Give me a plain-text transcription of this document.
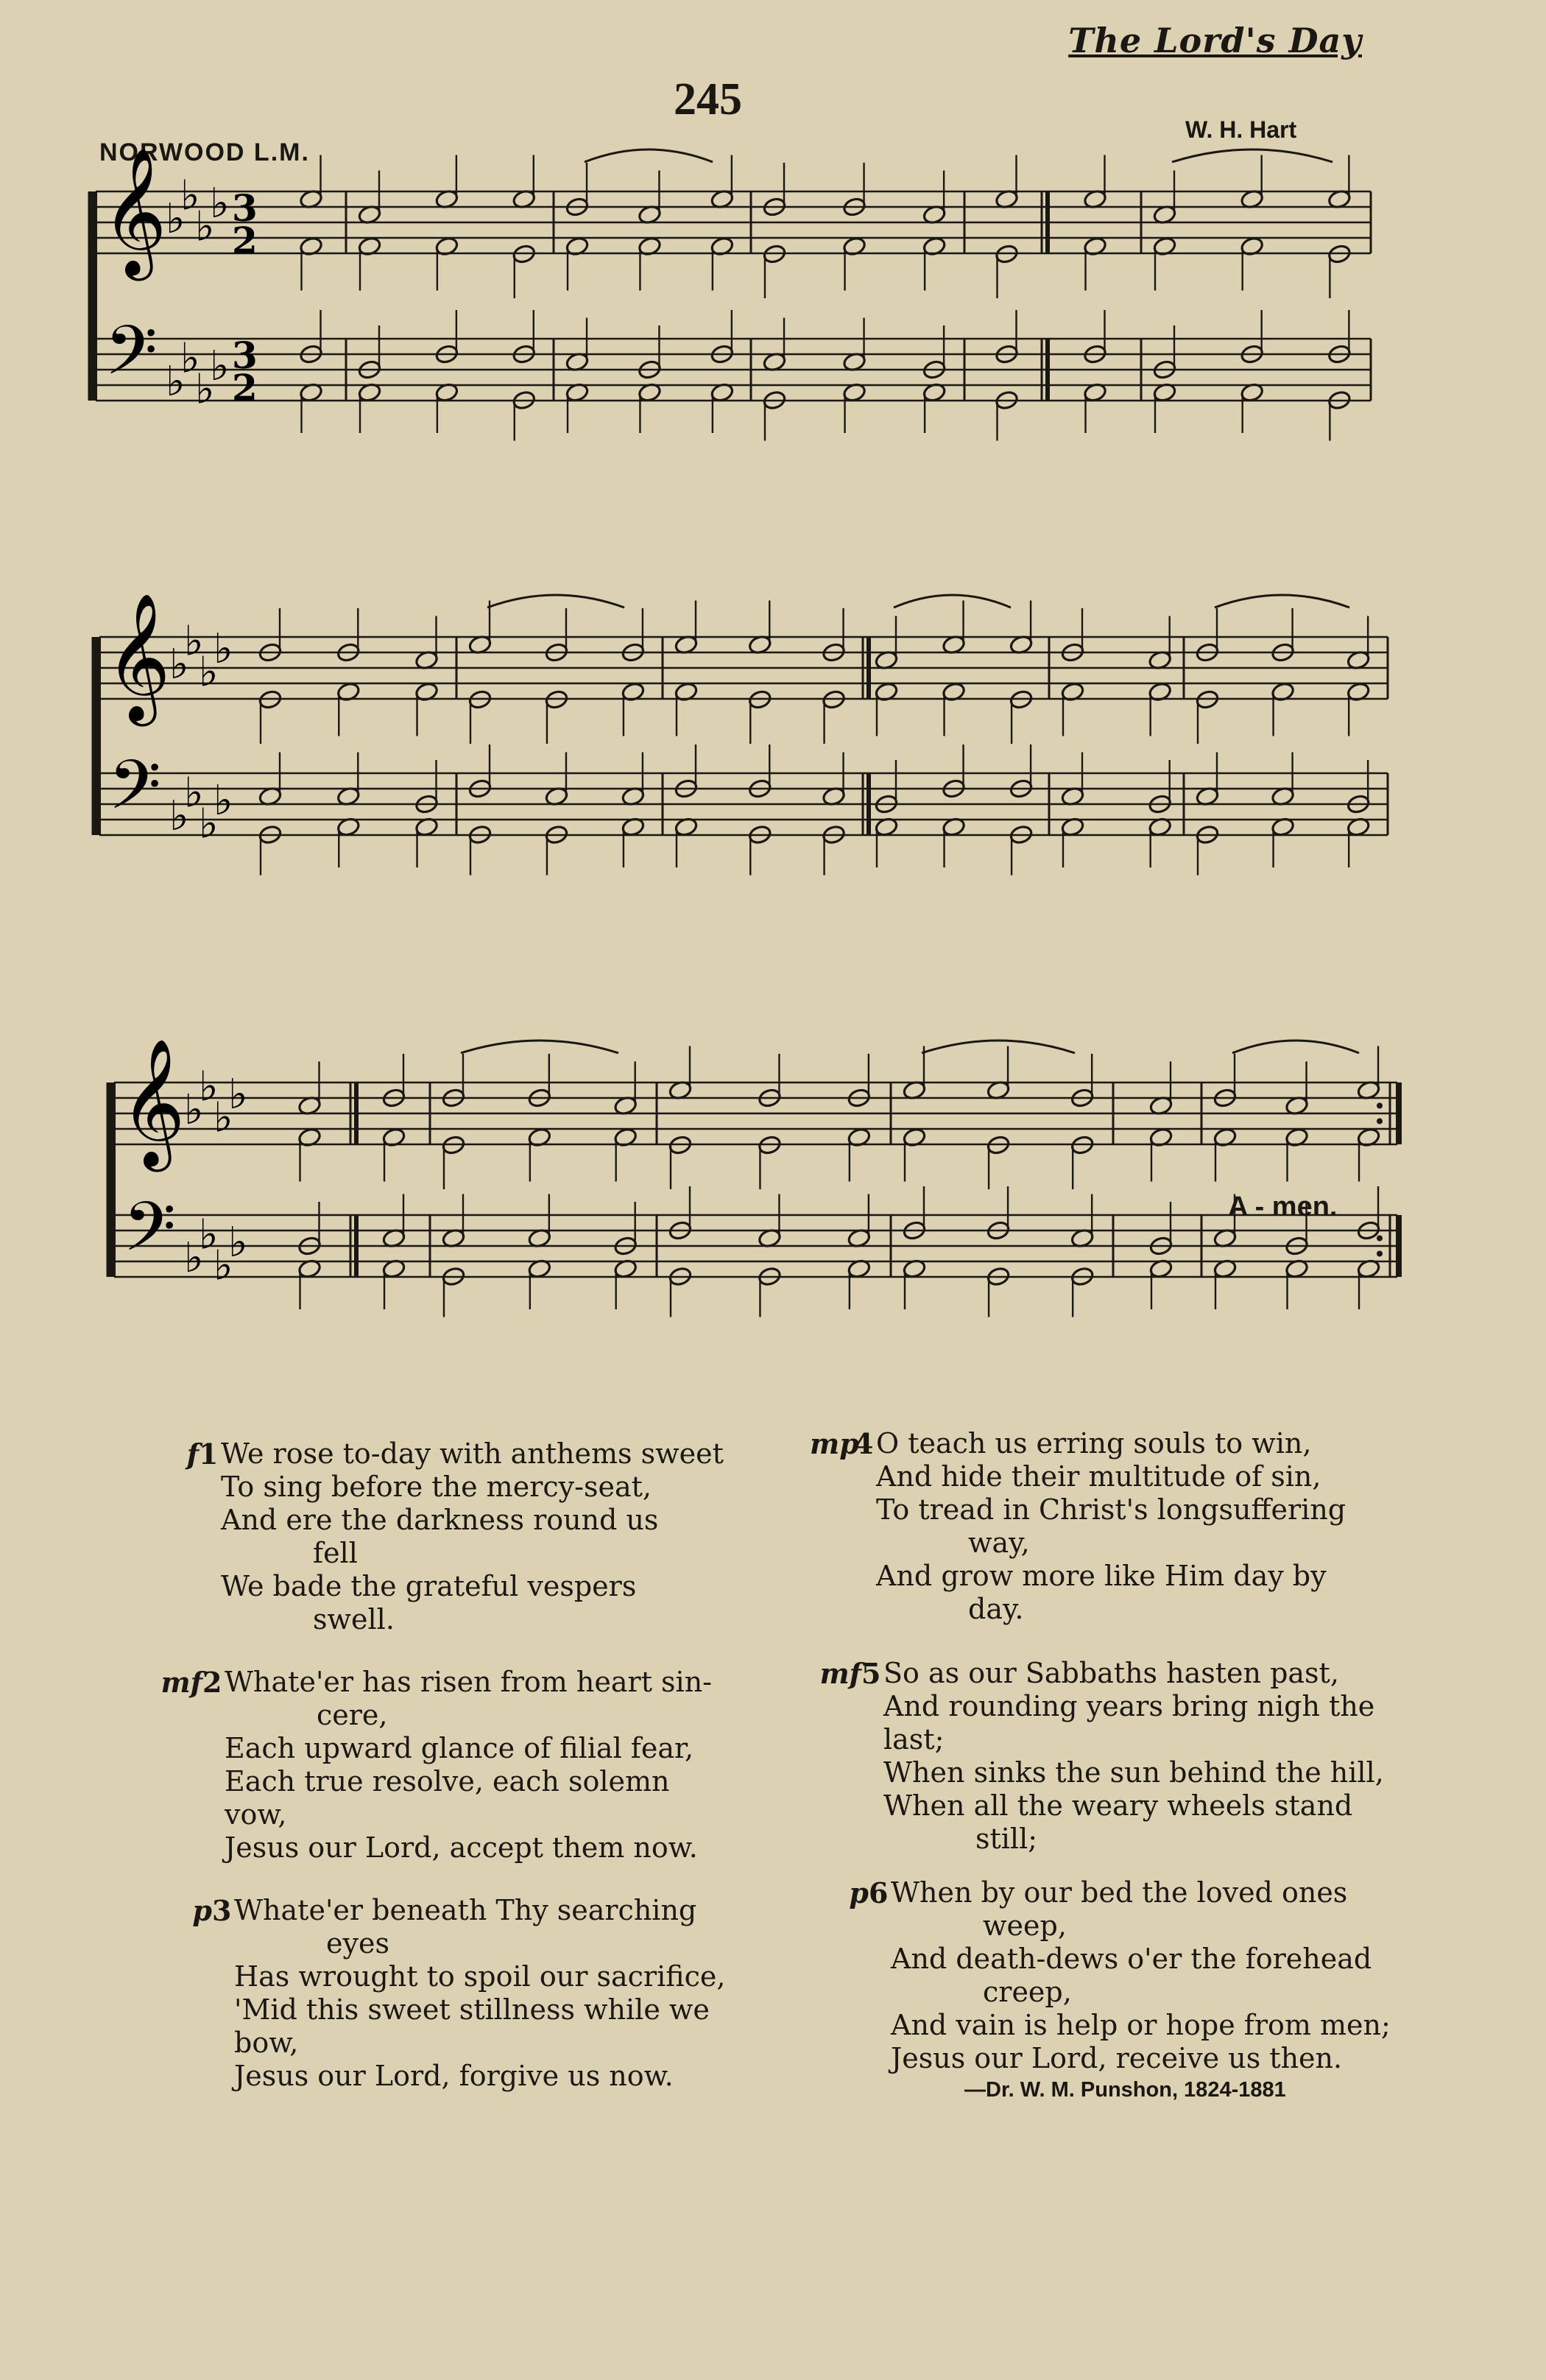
The Lord's Day
245
NORWOOD L.M.
W. H. Hart
𝄞
𝄢
♭
♭
♭
♭
♭
♭
♭
♭
3
2
3
2
𝄞
𝄢
♭
♭
♭
♭
♭
♭
♭
♭
𝄞
𝄢
♭
♭
♭
♭
♭
♭
♭
♭
A - men.
f 1 We rose to-day with anthems sweet
To sing before the mercy-seat,
And ere the darkness round us
fell
We bade the grateful vespers
swell.
mf 2 Whate'er has risen from heart sin-
cere,
Each upward glance of filial fear,
Each true resolve, each solemn
vow,
Jesus our Lord, accept them now.
p 3 Whate'er beneath Thy searching
eyes
Has wrought to spoil our sacrifice,
'Mid this sweet stillness while we
bow,
Jesus our Lord, forgive us now.
mp
4 O teach us erring souls to win,
And hide their multitude of sin,
To tread in Christ's longsuffering
way,
And grow more like Him day by
day.
mf 5 So as our Sabbaths hasten past,
And rounding years bring nigh the
last;
When sinks the sun behind the hill,
When all the weary wheels stand
still;
p 6 When by our bed the loved ones
weep,
And death-dews o'er the forehead
creep,
And vain is help or hope from men;
Jesus our Lord, receive us then.
—Dr. W. M. Punshon, 1824-1881
